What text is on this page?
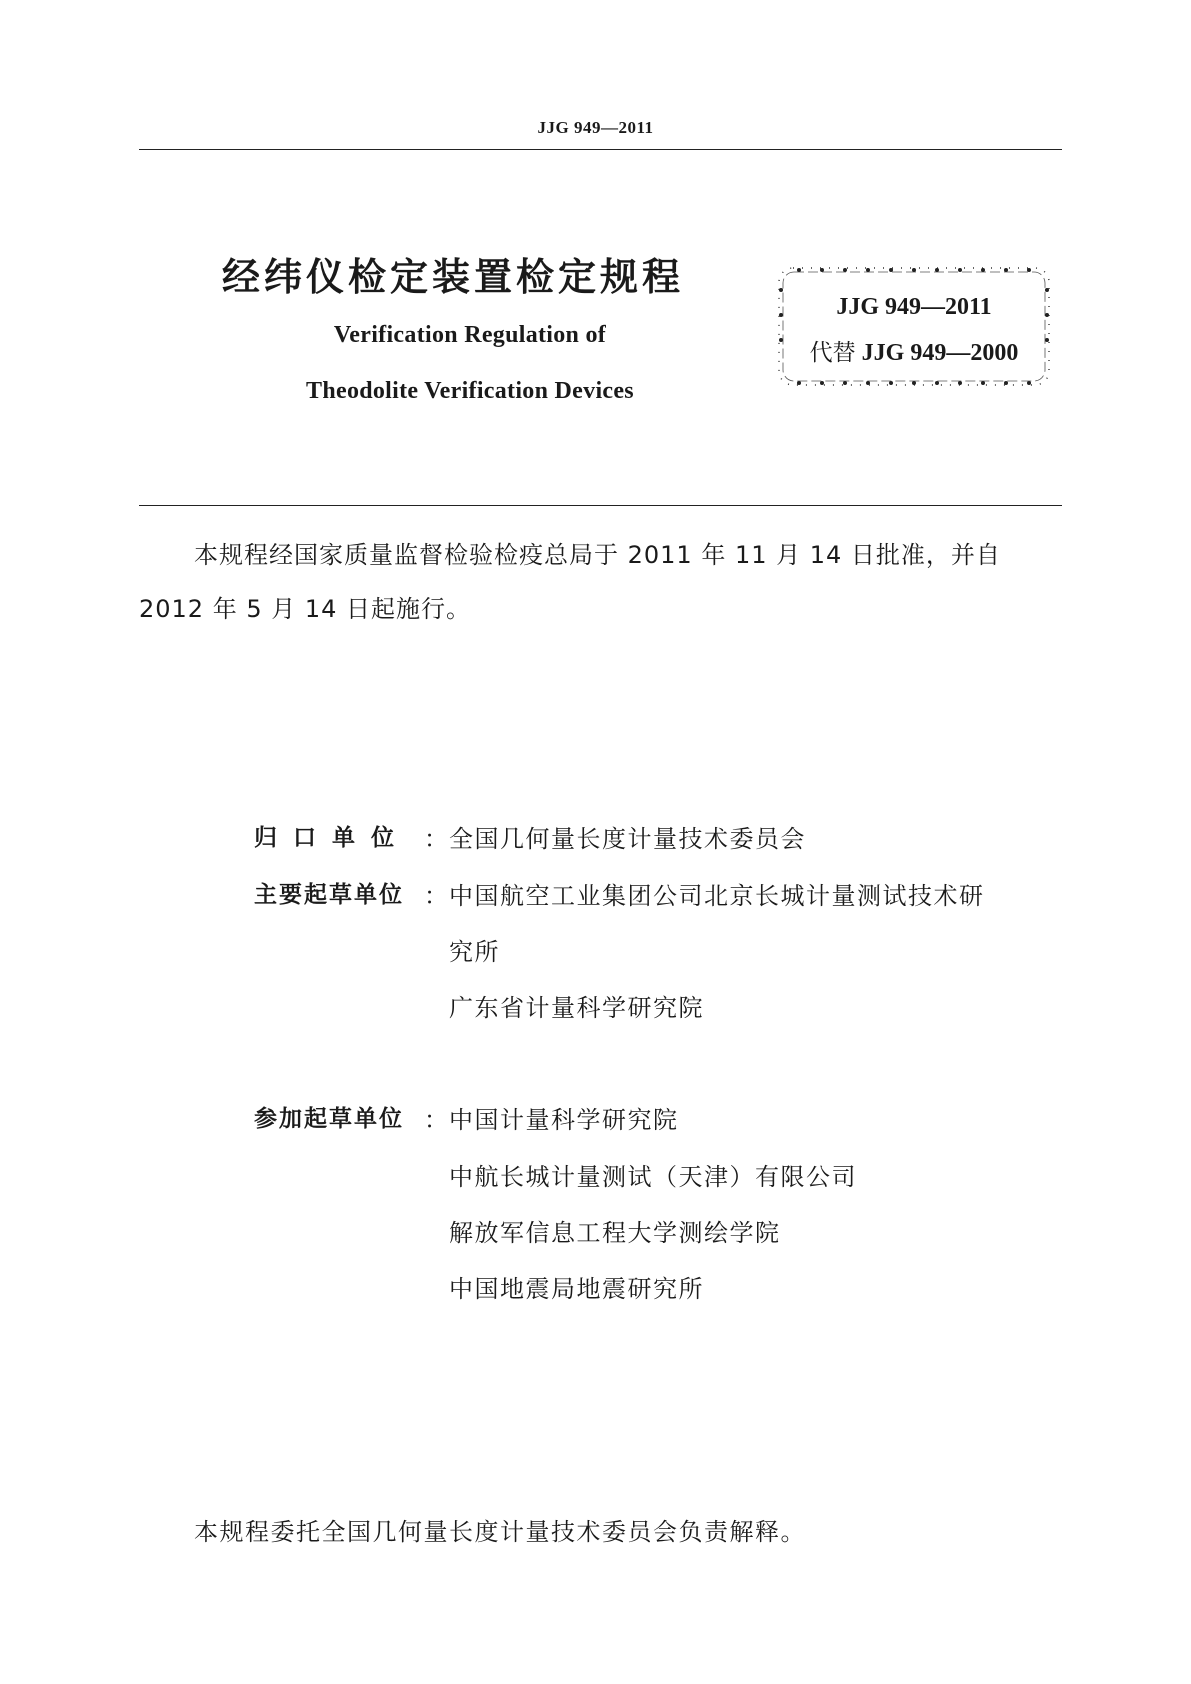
JJG 949—2011
经纬仪检定装置检定规程
Verification Regulation of
Theodolite Verification Devices
JJG 949—2011
代替 JJG 949—2000
本规程经国家质量监督检验检疫总局于 2011 年 11 月 14 日批准，并自 2012 年 5 月 14 日起施行。
归口单位 ： 全国几何量长度计量技术委员会
主要起草单位 ： 中国航空工业集团公司北京长城计量测试技术研
究所
广东省计量科学研究院
参加起草单位 ： 中国计量科学研究院
中航长城计量测试（天津）有限公司
解放军信息工程大学测绘学院
中国地震局地震研究所
本规程委托全国几何量长度计量技术委员会负责解释。
